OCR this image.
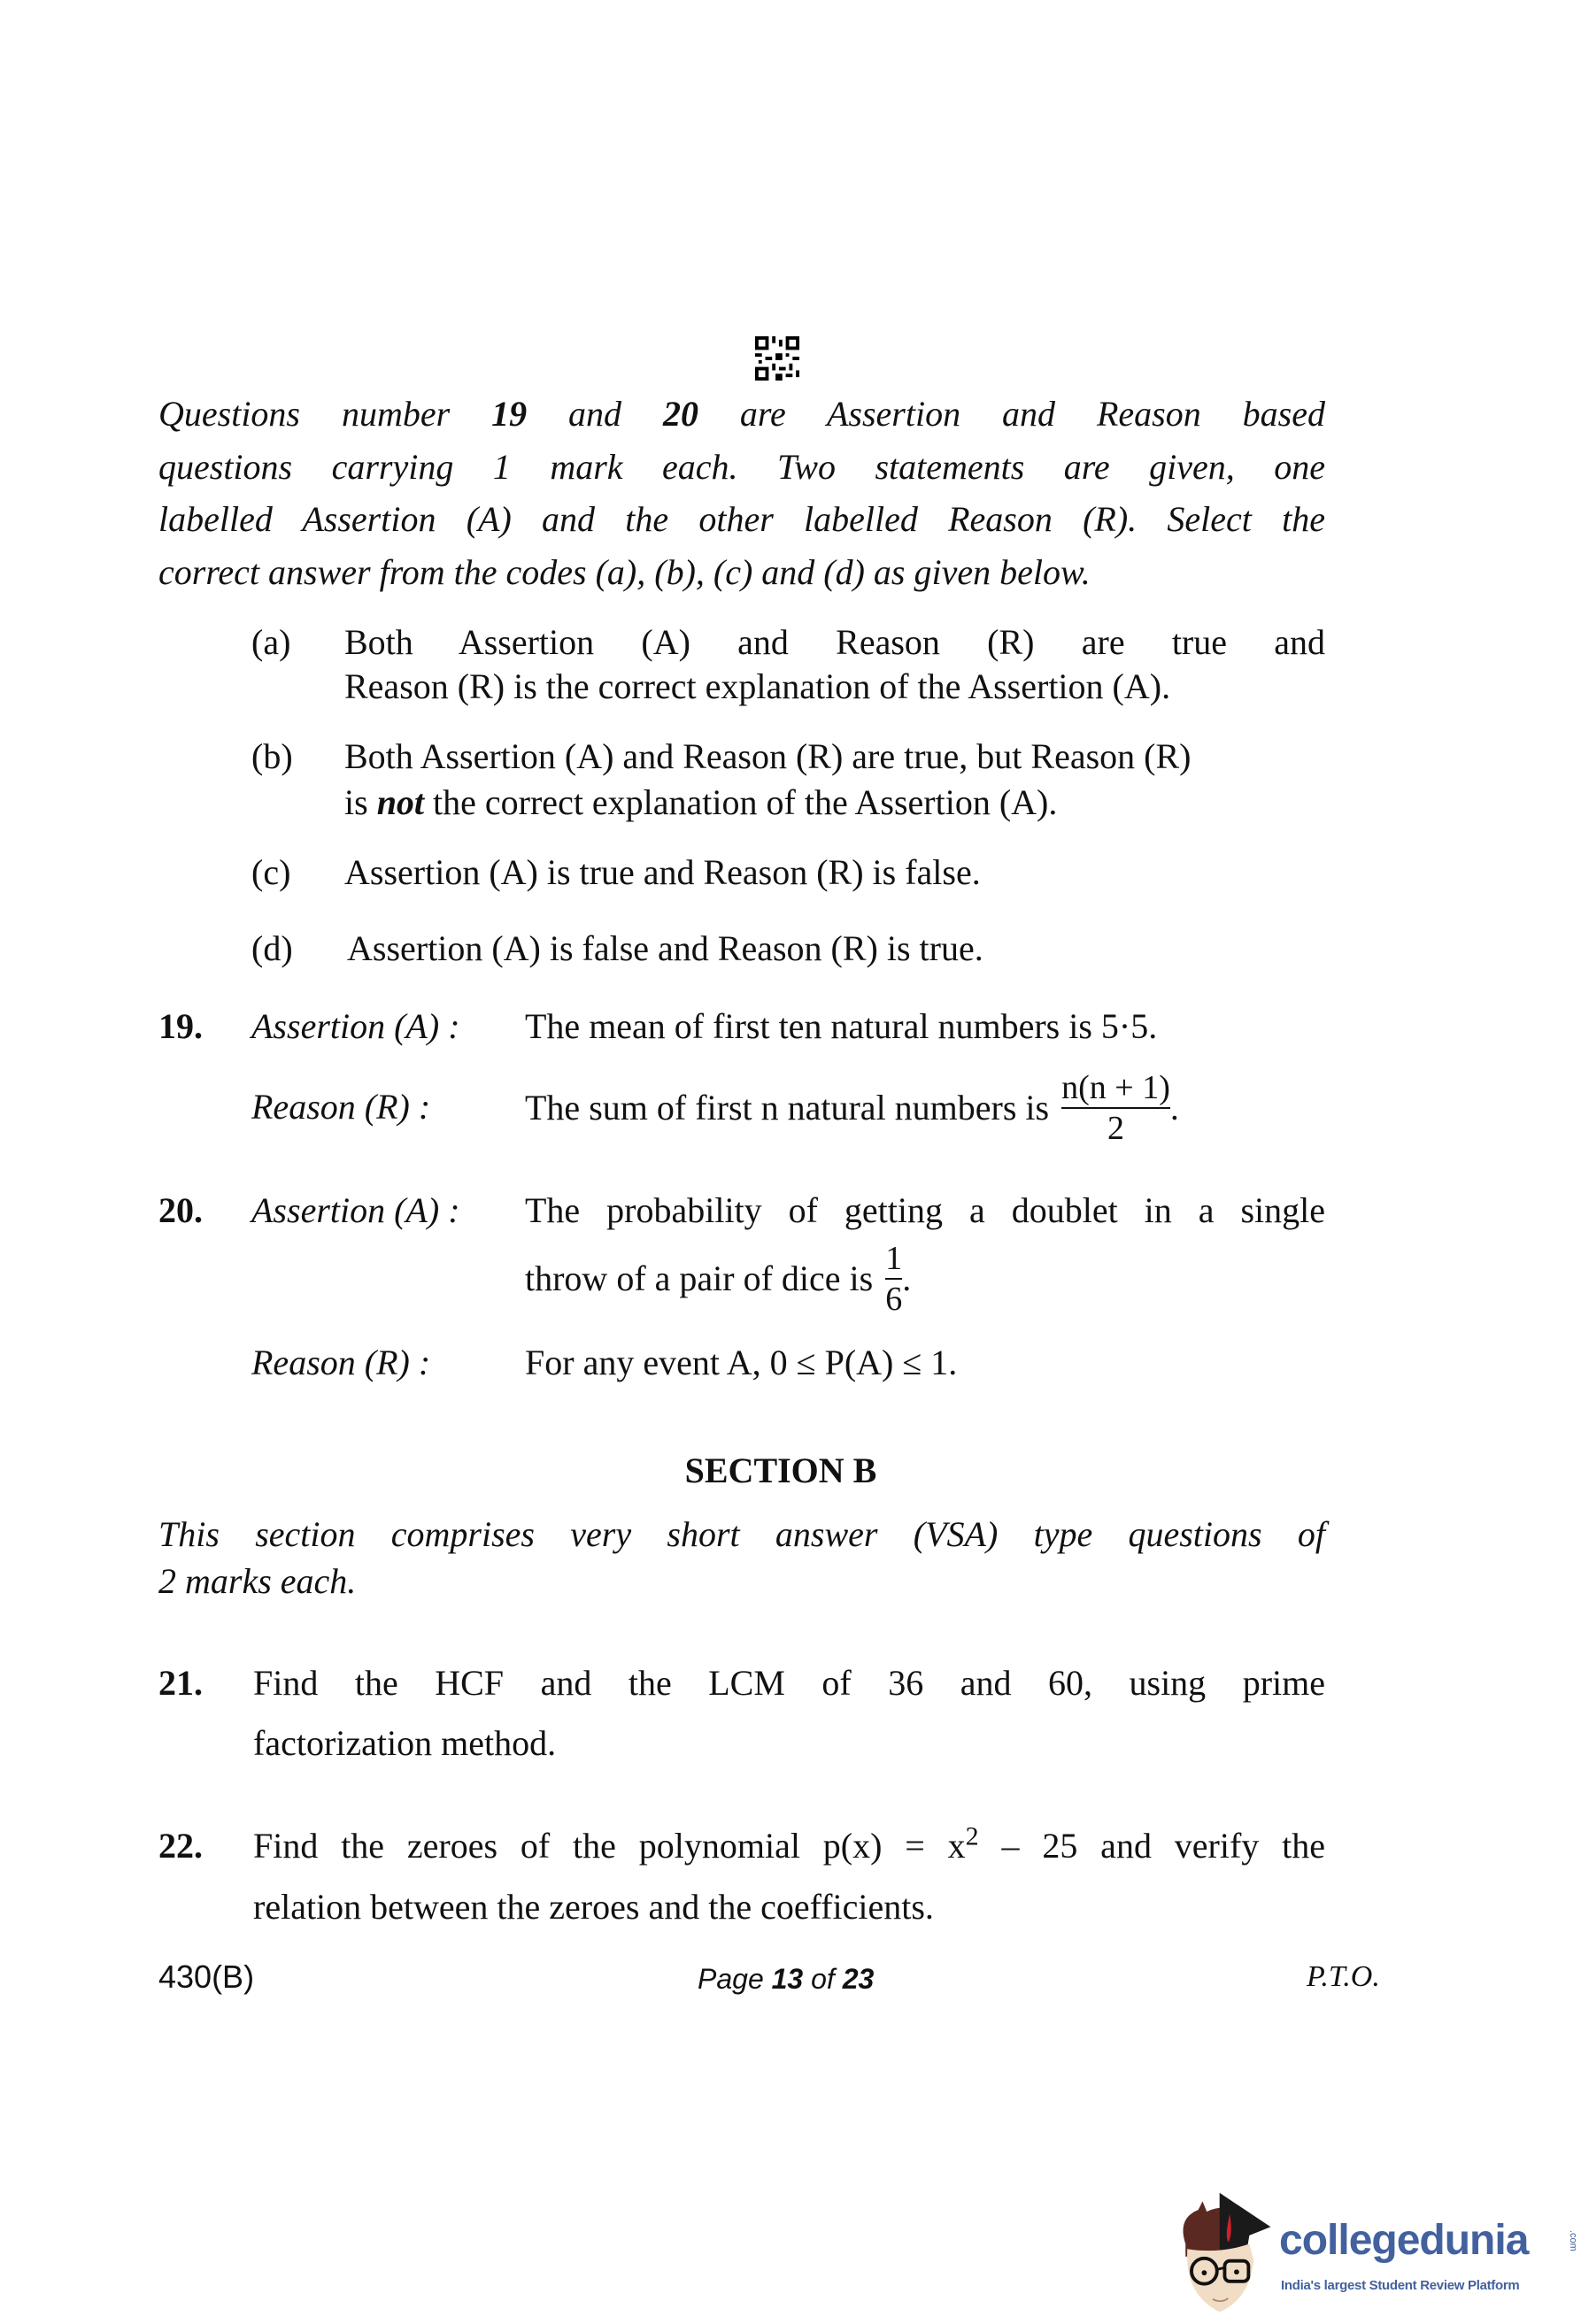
Questions number 19 and 20 are Assertion and Reason based
questions carrying 1 mark each. Two statements are given, one
labelled Assertion (A) and the other labelled Reason (R). Select the
correct answer from the codes (a), (b), (c) and (d) as given below.
(a) Both Assertion (A) and Reason (R) are true and
Reason (R) is the correct explanation of the Assertion (A).
(b) Both Assertion (A) and Reason (R) are true, but Reason (R)
is not the correct explanation of the Assertion (A).
(c) Assertion (A) is true and Reason (R) is false.
(d) Assertion (A) is false and Reason (R) is true.
19. Assertion (A) : The mean of first ten natural numbers is 5·5.
Reason (R) :	The sum of first n natural numbers is $\frac{n(n + 1)}{2}$ .
20. Assertion (A) : The probability of getting a doublet in a single
throw of a pair of dice is $\frac{1}{6}$ .
Reason (R) :	For any event A, 0 ≤ P(A) ≤ 1.
SECTION B
This section comprises very short answer (VSA) type questions of
2 marks each.
21. Find the HCF and the LCM of 36 and 60, using prime
factorization method.
22. Find the zeroes of the polynomial $p(x) = x^2 - 25$ and verify the
relation between the zeroes and the coefficients.
430(B)	Page 13 of 23	P.T.O.
collegedunia	.com
India's largest Student Review Platform
